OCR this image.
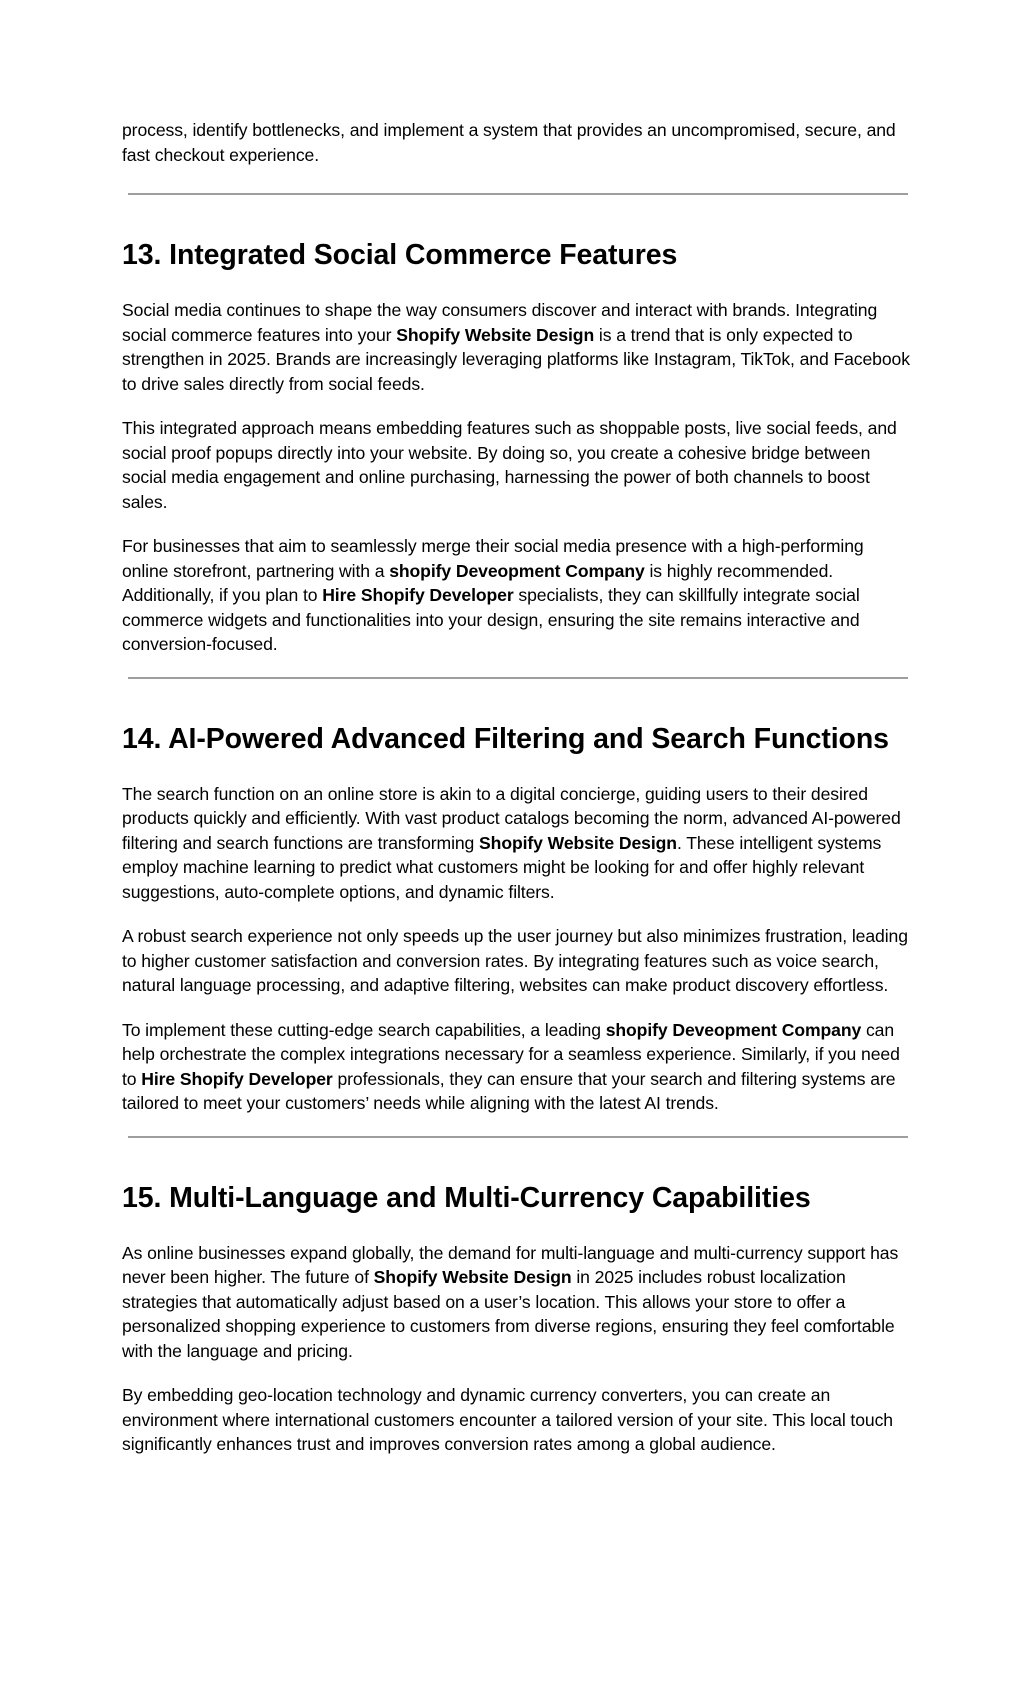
process, identify bottlenecks, and implement a system that provides an uncompromised, secure, and fast checkout experience.

13. Integrated Social Commerce Features

Social media continues to shape the way consumers discover and interact with brands. Integrating social commerce features into your Shopify Website Design is a trend that is only expected to strengthen in 2025. Brands are increasingly leveraging platforms like Instagram, TikTok, and Facebook to drive sales directly from social feeds.

This integrated approach means embedding features such as shoppable posts, live social feeds, and social proof popups directly into your website. By doing so, you create a cohesive bridge between social media engagement and online purchasing, harnessing the power of both channels to boost sales.

For businesses that aim to seamlessly merge their social media presence with a high-performing online storefront, partnering with a shopify Deveopment Company is highly recommended. Additionally, if you plan to Hire Shopify Developer specialists, they can skillfully integrate social commerce widgets and functionalities into your design, ensuring the site remains interactive and conversion-focused.

14. AI-Powered Advanced Filtering and Search Functions

The search function on an online store is akin to a digital concierge, guiding users to their desired products quickly and efficiently. With vast product catalogs becoming the norm, advanced AI-powered filtering and search functions are transforming Shopify Website Design. These intelligent systems employ machine learning to predict what customers might be looking for and offer highly relevant suggestions, auto-complete options, and dynamic filters.

A robust search experience not only speeds up the user journey but also minimizes frustration, leading to higher customer satisfaction and conversion rates. By integrating features such as voice search, natural language processing, and adaptive filtering, websites can make product discovery effortless.

To implement these cutting-edge search capabilities, a leading shopify Deveopment Company can help orchestrate the complex integrations necessary for a seamless experience. Similarly, if you need to Hire Shopify Developer professionals, they can ensure that your search and filtering systems are tailored to meet your customers’ needs while aligning with the latest AI trends.

15. Multi-Language and Multi-Currency Capabilities

As online businesses expand globally, the demand for multi-language and multi-currency support has never been higher. The future of Shopify Website Design in 2025 includes robust localization strategies that automatically adjust based on a user’s location. This allows your store to offer a personalized shopping experience to customers from diverse regions, ensuring they feel comfortable with the language and pricing.

By embedding geo-location technology and dynamic currency converters, you can create an environment where international customers encounter a tailored version of your site. This local touch significantly enhances trust and improves conversion rates among a global audience.
